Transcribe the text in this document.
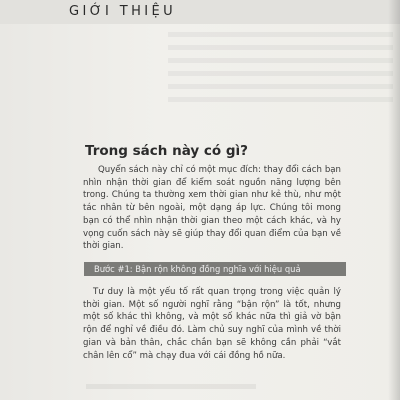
GIỚI THIỆU
Trong sách này có gì?

Quyển sách này chỉ có một mục đích: thay đổi cách bạn nhìn nhận thời gian để kiểm soát nguồn năng lượng bên trong. Chúng ta thường xem thời gian như kẻ thù, như một tác nhân từ bên ngoài, một dạng áp lực. Chúng tôi mong bạn có thể nhìn nhận thời gian theo một cách khác, và hy vọng cuốn sách này sẽ giúp thay đổi quan điểm của bạn về thời gian.

Bước #1: Bận rộn không đồng nghĩa với hiệu quả

Tư duy là một yếu tố rất quan trọng trong việc quản lý thời gian. Một số người nghĩ rằng “bận rộn” là tốt, nhưng một số khác thì không, và một số khác nữa thì giả vờ bận rộn để nghỉ về điều đó. Làm chủ suy nghĩ của mình về thời gian và bản thân, chắc chắn bạn sẽ không cần phải “vắt chân lên cổ” mà chạy đua với cái đồng hồ nữa.
